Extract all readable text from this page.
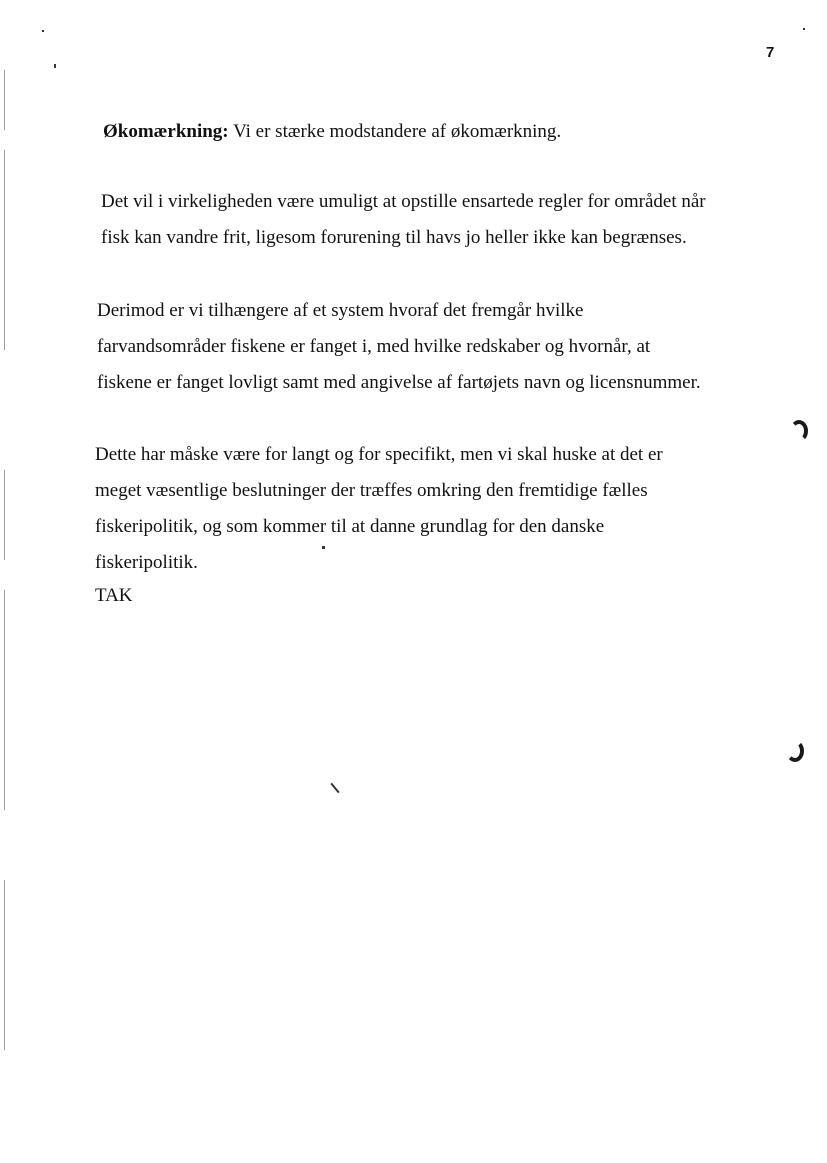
7
Økomærkning: Vi er stærke modstandere af økomærkning.
Det vil i virkeligheden være umuligt at opstille ensartede regler for området når
fisk kan vandre frit, ligesom forurening til havs jo heller ikke kan begrænses.
Derimod er vi tilhængere af et system hvoraf det fremgår hvilke
farvandsområder fiskene er fanget i, med hvilke redskaber og hvornår, at
fiskene er fanget lovligt samt med angivelse af fartøjets navn og licensnummer.
Dette har måske være for langt og for specifikt, men vi skal huske at det er
meget væsentlige beslutninger der træffes omkring den fremtidige fælles
fiskeripolitik, og som kommer til at danne grundlag for den danske
fiskeripolitik.
TAK
